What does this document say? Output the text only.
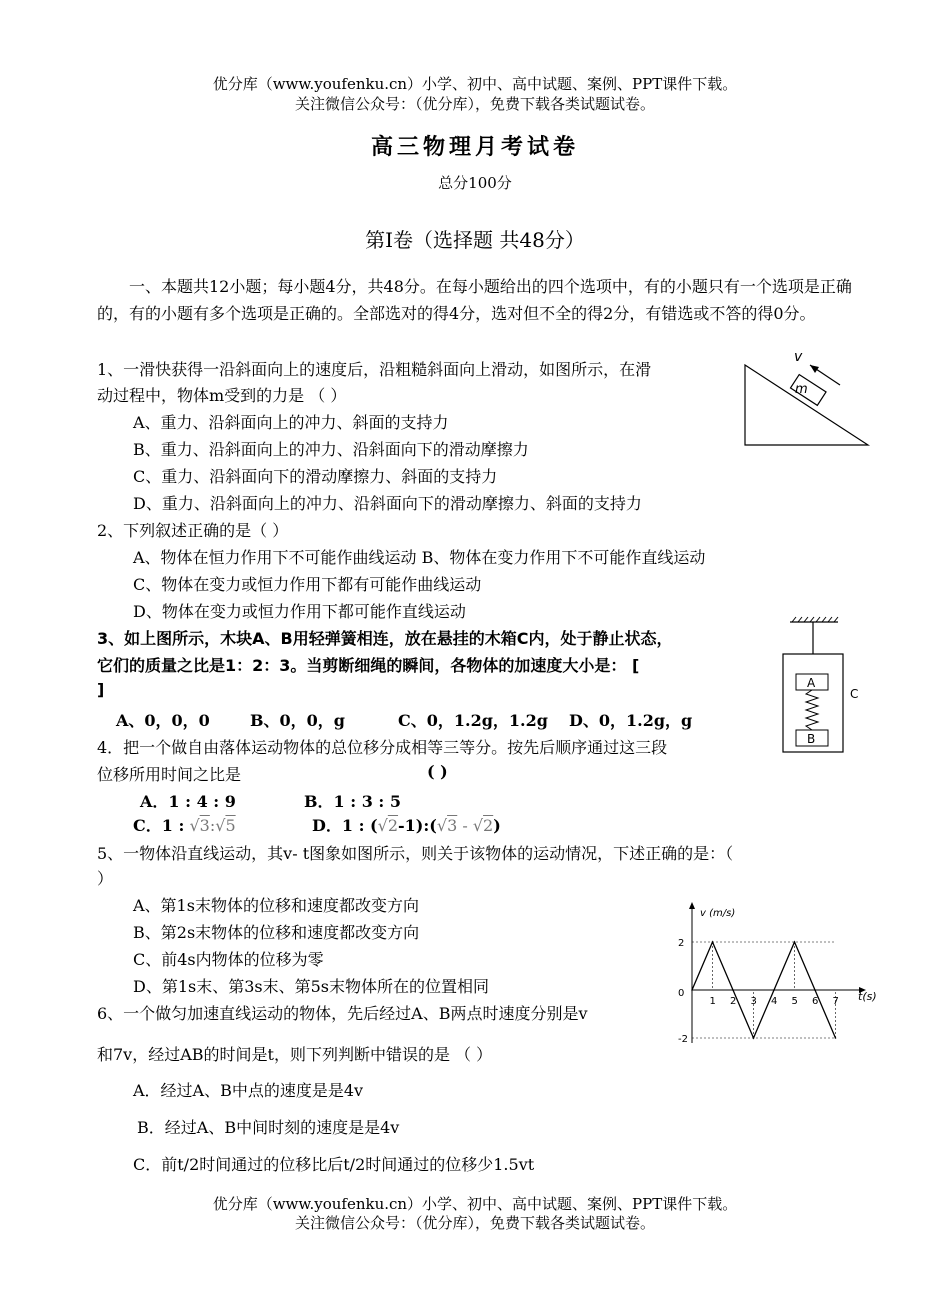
优分库（www.youfenku.cn）小学、初中、高中试题、案例、PPT课件下载。
关注微信公众号：（优分库），免费下载各类试题试卷。
高三物理月考试卷
总分100分
第I卷（选择题 共48分）
一、本题共12小题；每小题4分，共48分。在每小题给出的四个选项中，有的小题只有一个选项是正确的，有的小题有多个选项是正确的。全部选对的得4分，选对但不全的得2分，有错选或不答的得0分。
1、一滑快获得一沿斜面向上的速度后，沿粗糙斜面向上滑动，如图所示，在滑
动过程中，物体m受到的力是 （ ）
A、重力、沿斜面向上的冲力、斜面的支持力
B、重力、沿斜面向上的冲力、沿斜面向下的滑动摩擦力
C、重力、沿斜面向下的滑动摩擦力、斜面的支持力
D、重力、沿斜面向上的冲力、沿斜面向下的滑动摩擦力、斜面的支持力
m
v
2、下列叙述正确的是（ ）
A、物体在恒力作用下不可能作曲线运动 B、物体在变力作用下不可能作直线运动
C、物体在变力或恒力作用下都有可能作曲线运动
D、物体在变力或恒力作用下都可能作直线运动
3、如上图所示，木块A、B用轻弹簧相连，放在悬挂的木箱C内，处于静止状态，
它们的质量之比是1：2：3。当剪断细绳的瞬间，各物体的加速度大小是： [
]
A、0，0，0	B、0，0，g	C、0，1.2g，1.2g D、0，1.2g，g
A
B
C
4．把一个做自由落体运动物体的总位移分成相等三等分。按先后顺序通过这三段
位移所用时间之比是	( )
A．1 : 4 : 9	B．1 : 3 : 5
C．1 : √3:√5	D．1 : (√2-1):(√3 - √2)
5、一物体沿直线运动，其v- t图象如图所示，则关于该物体的运动情况，下述正确的是：（
）
A、第1s末物体的位移和速度都改变方向
B、第2s末物体的位移和速度都改变方向
C、前4s内物体的位移为零
D、第1s末、第3s末、第5s末物体所在的位置相同
2
-2
0
1 2 3 4 5 6 7
v (m/s)
t(s)
6、一个做匀加速直线运动的物体，先后经过A、B两点时速度分别是v
和7v，经过AB的时间是t，则下列判断中错误的是 （ ）
A．经过A、B中点的速度是是4v
B．经过A、B中间时刻的速度是是4v
C．前t/2时间通过的位移比后t/2时间通过的位移少1.5vt
优分库（www.youfenku.cn）小学、初中、高中试题、案例、PPT课件下载。
关注微信公众号：（优分库），免费下载各类试题试卷。
